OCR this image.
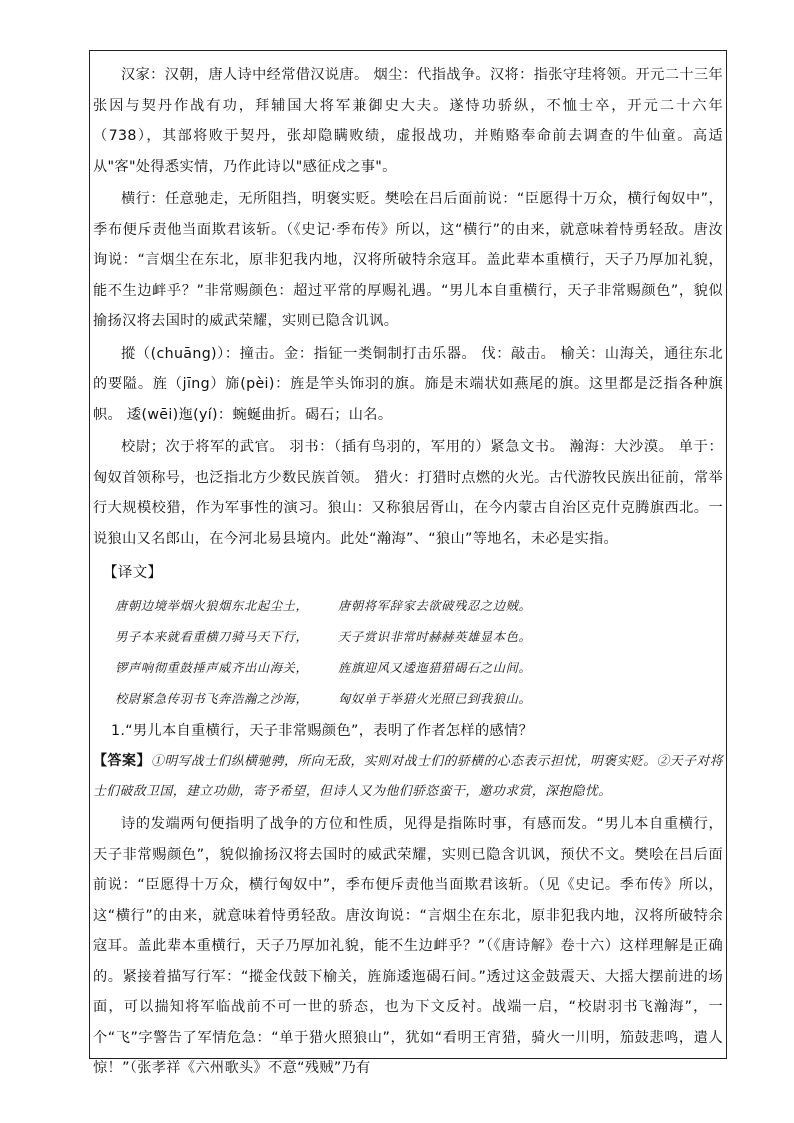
汉家：汉朝，唐人诗中经常借汉说唐。 烟尘：代指战争。汉将：指张守珪将领。开元二十三年张因与契丹作战有功，拜辅国大将军兼御史大夫。遂恃功骄纵，不恤士卒，开元二十六年（738），其部将败于契丹，张却隐瞒败绩，虚报战功，并贿赂奉命前去调查的牛仙童。高适从"客"处得悉实情，乃作此诗以"感征戍之事"。

横行：任意驰走，无所阻挡，明褒实贬。樊哙在吕后面前说：“臣愿得十万众，横行匈奴中”，季布便斥责他当面欺君该斩。（《史记·季布传》所以，这“横行”的由来，就意味着恃勇轻敌。唐汝询说：“言烟尘在东北，原非犯我内地，汉将所破特余寇耳。盖此辈本重横行，天子乃厚加礼貌，能不生边衅乎？”非常赐颜色：超过平常的厚赐礼遇。“男儿本自重横行，天子非常赐颜色”，貌似揄扬汉将去国时的威武荣耀，实则已隐含讥讽。

摐（(chuāng)）：撞击。金：指钲一类铜制打击乐器。 伐：敲击。 榆关：山海关，通往东北的要隘。旌（jīng）旆(pèi)：旌是竿头饰羽的旗。旆是末端状如燕尾的旗。这里都是泛指各种旗帜。 逶(wēi)迤(yí)：蜿蜒曲折。碣石；山名。

校尉；次于将军的武官。 羽书：（插有鸟羽的，军用的）紧急文书。 瀚海：大沙漠。 单于：匈奴首领称号，也泛指北方少数民族首领。 猎火：打猎时点燃的火光。古代游牧民族出征前，常举行大规模校猎，作为军事性的演习。狼山：又称狼居胥山，在今内蒙古自治区克什克腾旗西北。一说狼山又名郎山，在今河北易县境内。此处“瀚海”、“狼山”等地名，未必是实指。

【译文】

唐朝边境举烟火狼烟东北起尘土， 唐朝将军辞家去欲破残忍之边贼。
男子本来就看重横刀骑马天下行， 天子赏识非常时赫赫英雄显本色。
锣声响彻重鼓捶声威齐出山海关， 旌旗迎风又逶迤猎猎碣石之山间。
校尉紧急传羽书飞奔浩瀚之沙海， 匈奴单于举猎火光照已到我狼山。

1.“男儿本自重横行，天子非常赐颜色”，表明了作者怎样的感情？

【答案】①明写战士们纵横驰骋，所向无敌，实则对战士们的骄横的心态表示担忧，明褒实贬。②天子对将士们破敌卫国，建立功勋，寄予希望，但诗人又为他们骄恣蛮干，邀功求赏，深抱隐忧。

诗的发端两句便指明了战争的方位和性质，见得是指陈时事，有感而发。“男儿本自重横行，天子非常赐颜色”，貌似揄扬汉将去国时的威武荣耀，实则已隐含讥讽，预伏不文。樊哙在吕后面前说：“臣愿得十万众，横行匈奴中”，季布便斥责他当面欺君该斩。（见《史记。季布传》所以，这“横行”的由来，就意味着恃勇轻敌。唐汝询说：“言烟尘在东北，原非犯我内地，汉将所破特余寇耳。盖此辈本重横行，天子乃厚加礼貌，能不生边衅乎？”（《唐诗解》卷十六）这样理解是正确的。紧接着描写行军：“摐金伐鼓下榆关，旌旆逶迤碣石间。”透过这金鼓震天、大摇大摆前进的场面，可以揣知将军临战前不可一世的骄态，也为下文反衬。战端一启，“校尉羽书飞瀚海”，一个“飞”字警告了军情危急：“单于猎火照狼山”，犹如“看明王宵猎，骑火一川明，笳鼓悲鸣，遣人惊！”（张孝祥《六州歌头》不意“残贼”乃有
